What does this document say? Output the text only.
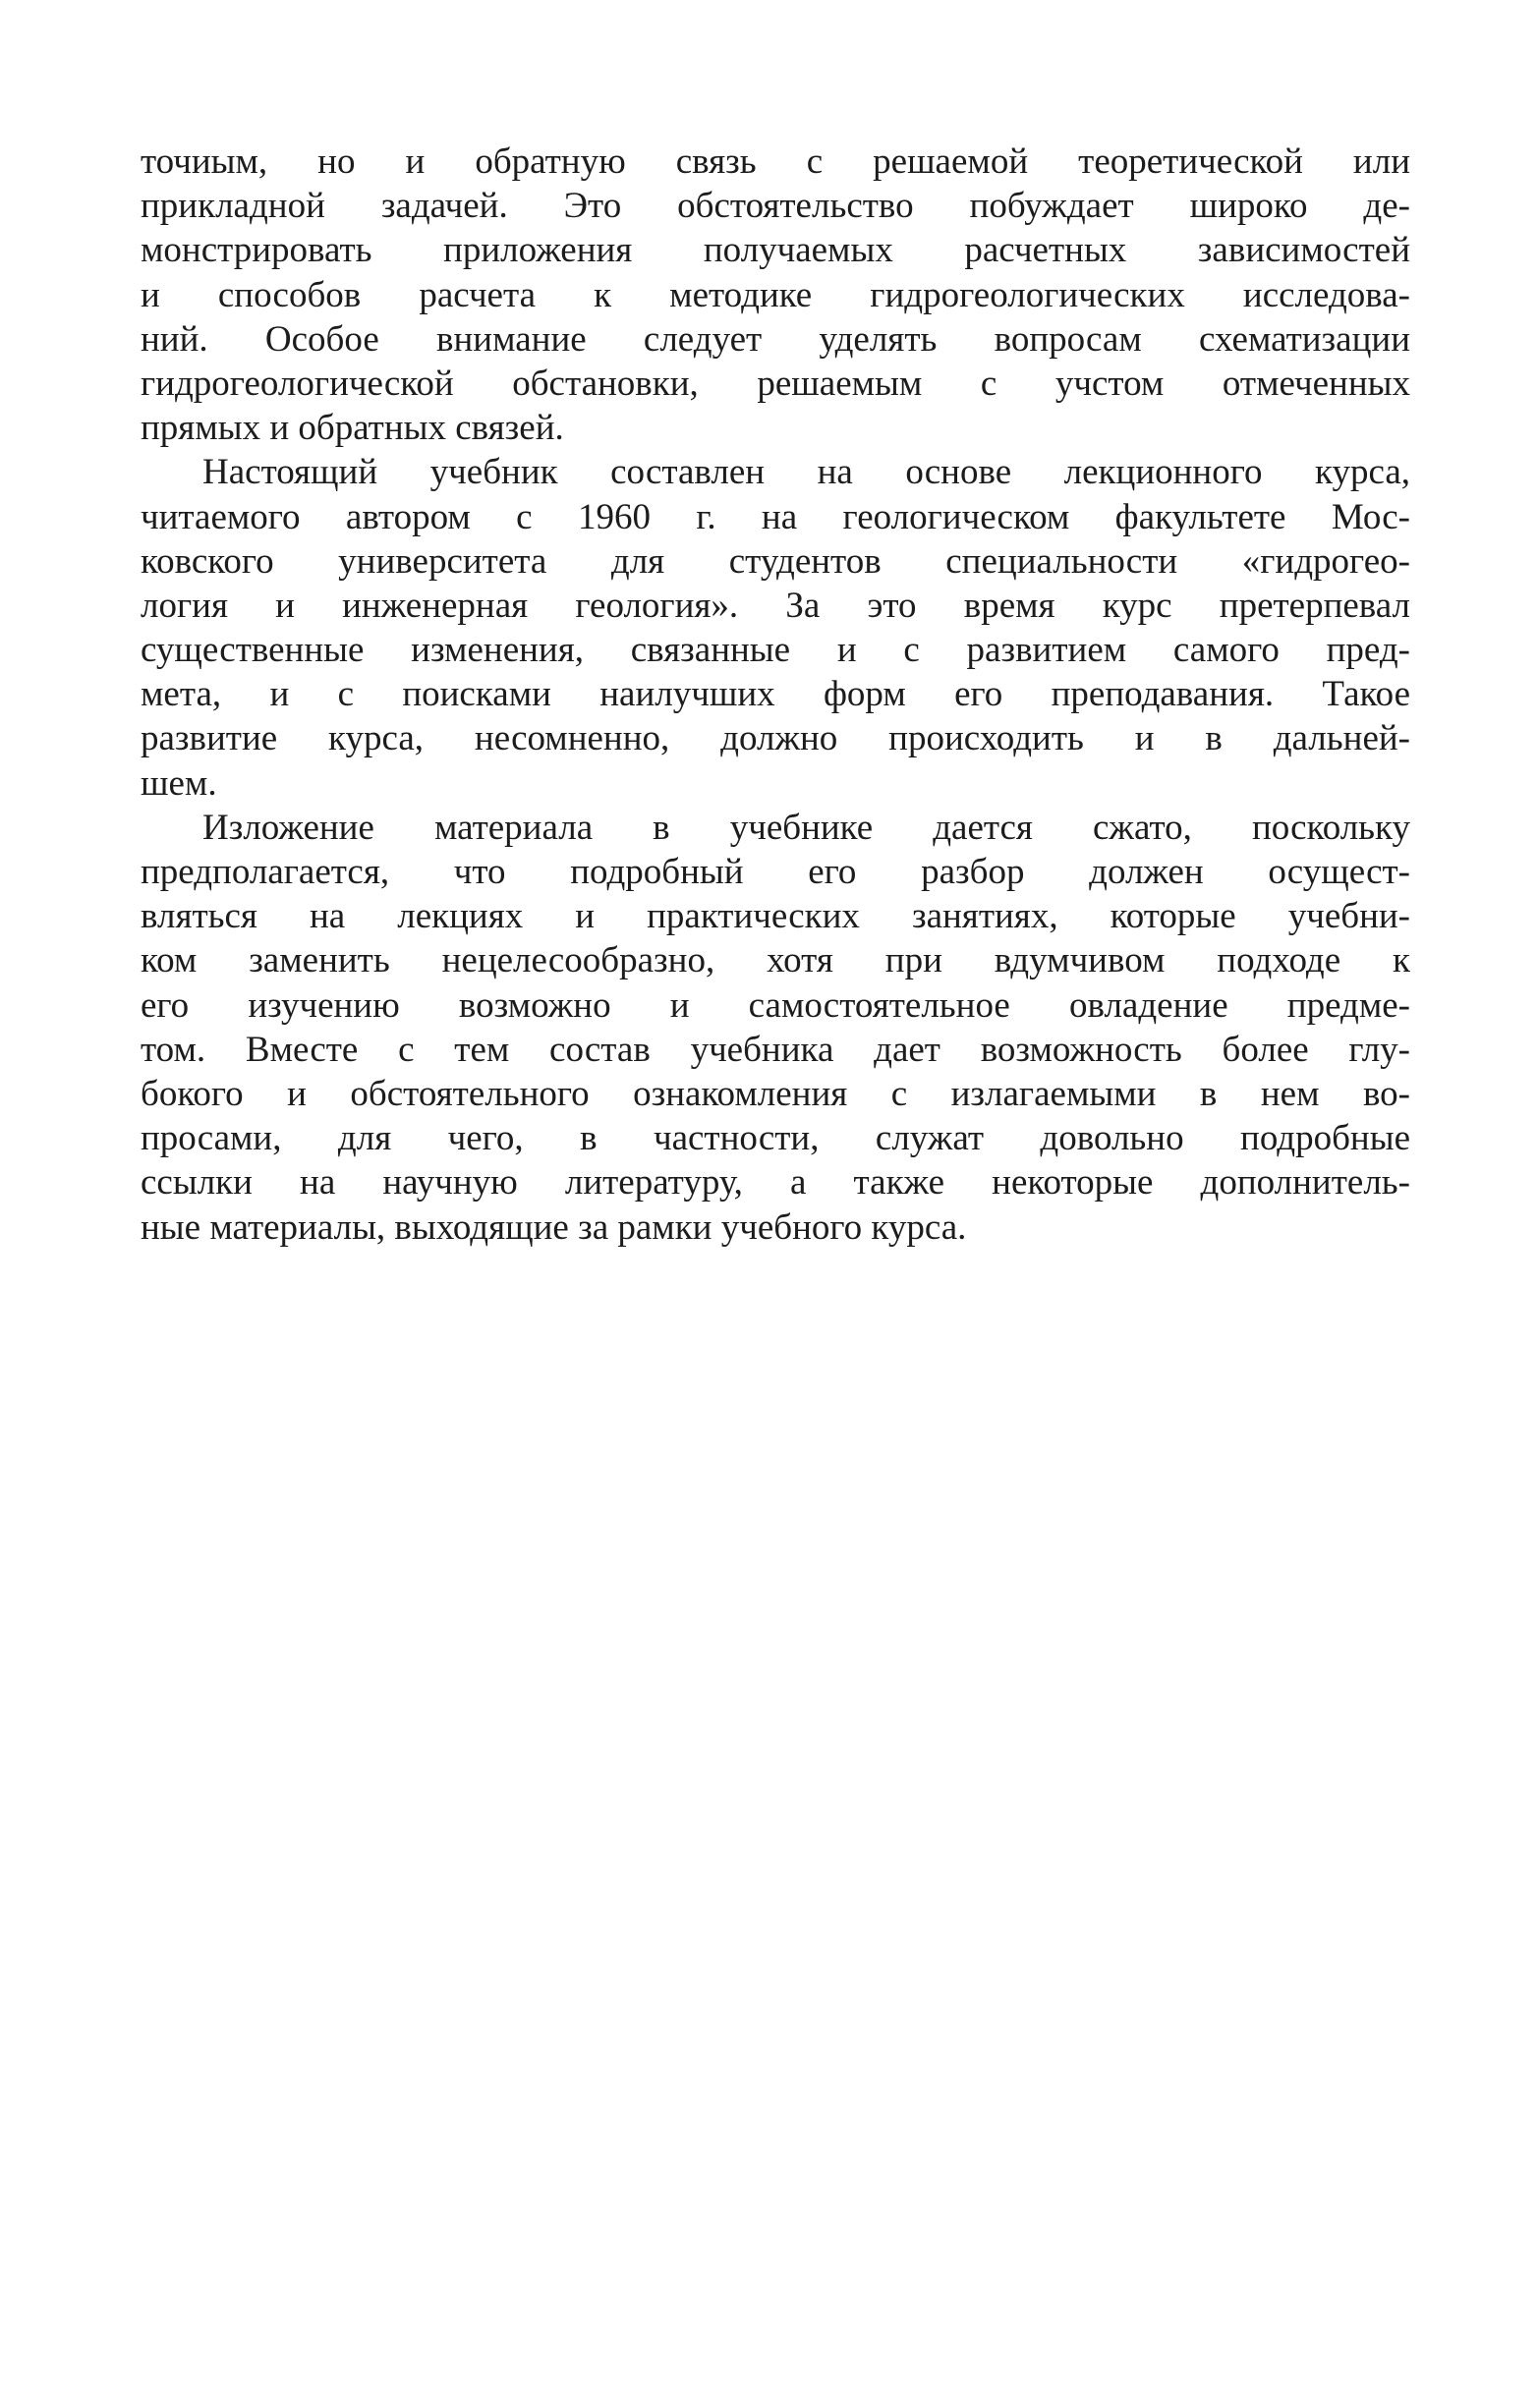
точиым, но и обратную связь с решаемой теоретической или
прикладной задачей. Это обстоятельство побуждает широко де-
монстрировать приложения получаемых расчетных зависимостей
и способов расчета к методике гидрогеологических исследова-
ний. Особое внимание следует уделять вопросам схематизации
гидрогеологической обстановки, решаемым с учстом отмеченных
прямых и обратных связей.
Настоящий учебник составлен на основе лекционного курса,
читаемого автором с 1960 г. на геологическом факультете Мос-
ковского университета для студентов специальности «гидрогео-
логия и инженерная геология». За это время курс претерпевал
существенные изменения, связанные и с развитием самого пред-
мета, и с поисками наилучших форм его преподавания. Такое
развитие курса, несомненно, должно происходить и в дальней-
шем.
Изложение материала в учебнике дается сжато, поскольку
предполагается, что подробный его разбор должен осущест-
вляться на лекциях и практических занятиях, которые учебни-
ком заменить нецелесообразно, хотя при вдумчивом подходе к
его изучению возможно и самостоятельное овладение предме-
том. Вместе с тем состав учебника дает возможность более глу-
бокого и обстоятельного ознакомления с излагаемыми в нем во-
просами, для чего, в частности, служат довольно подробные
ссылки на научную литературу, а также некоторые дополнитель-
ные материалы, выходящие за рамки учебного курса.
